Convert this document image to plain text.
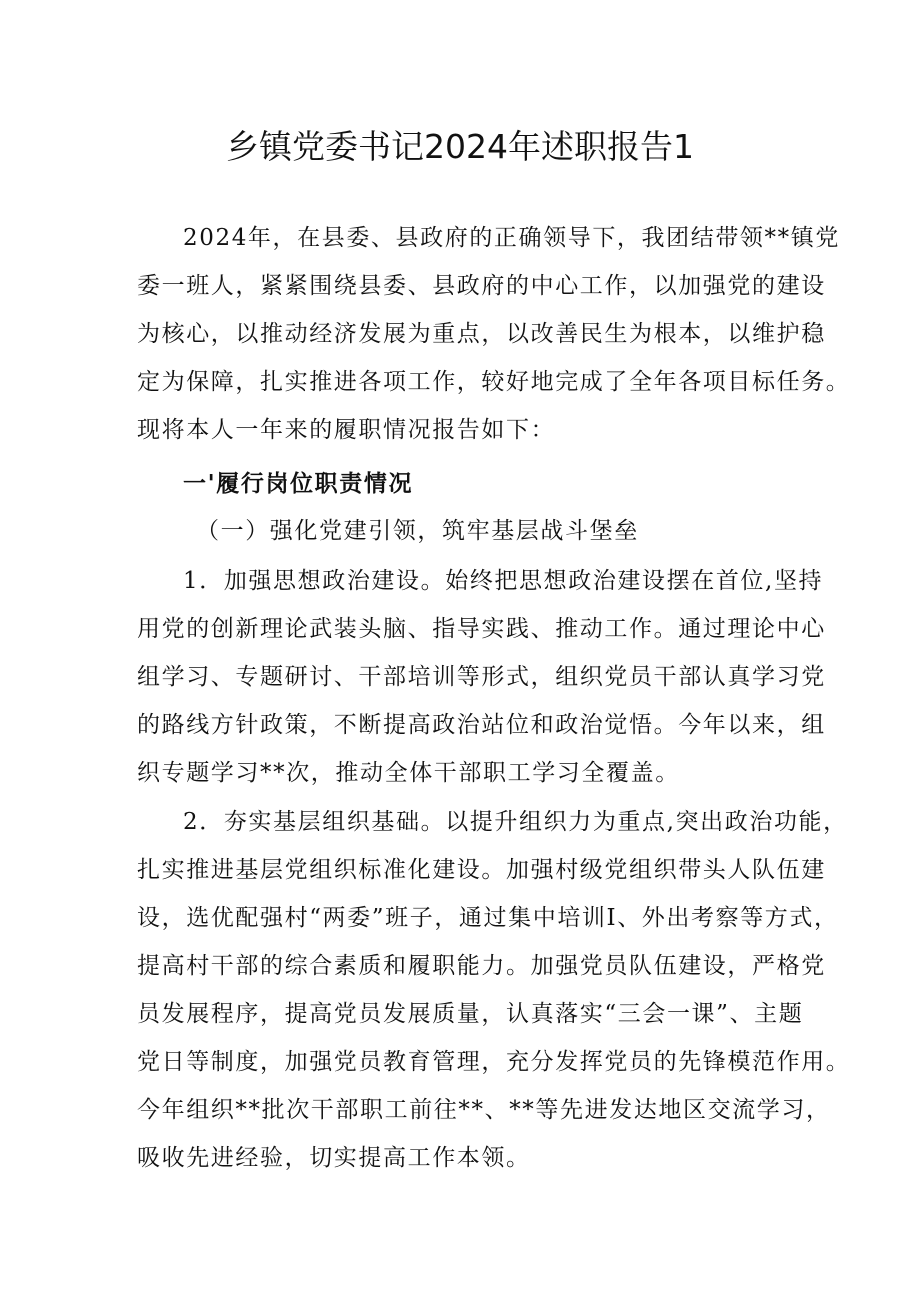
乡镇党委书记2024年述职报告1
2024年，在县委、县政府的正确领导下，我团结带领**镇党
委一班人，紧紧围绕县委、县政府的中心工作，以加强党的建设
为核心，以推动经济发展为重点，以改善民生为根本，以维护稳
定为保障，扎实推进各项工作，较好地完成了全年各项目标任务。
现将本人一年来的履职情况报告如下：
一'履行岗位职责情况
（一）强化党建引领，筑牢基层战斗堡垒
1．加强思想政治建设。始终把思想政治建设摆在首位,坚持
用党的创新理论武装头脑、指导实践、推动工作。通过理论中心
组学习、专题研讨、干部培训等形式，组织党员干部认真学习党
的路线方针政策，不断提高政治站位和政治觉悟。今年以来，组
织专题学习**次，推动全体干部职工学习全覆盖。
2．夯实基层组织基础。以提升组织力为重点,突出政治功能，
扎实推进基层党组织标准化建设。加强村级党组织带头人队伍建
设，选优配强村“两委”班子，通过集中培训I、外出考察等方式，
提高村干部的综合素质和履职能力。加强党员队伍建设，严格党
员发展程序，提高党员发展质量，认真落实“三会一课”、主题
党日等制度，加强党员教育管理，充分发挥党员的先锋模范作用。
今年组织**批次干部职工前往**、**等先进发达地区交流学习，
吸收先进经验，切实提高工作本领。
